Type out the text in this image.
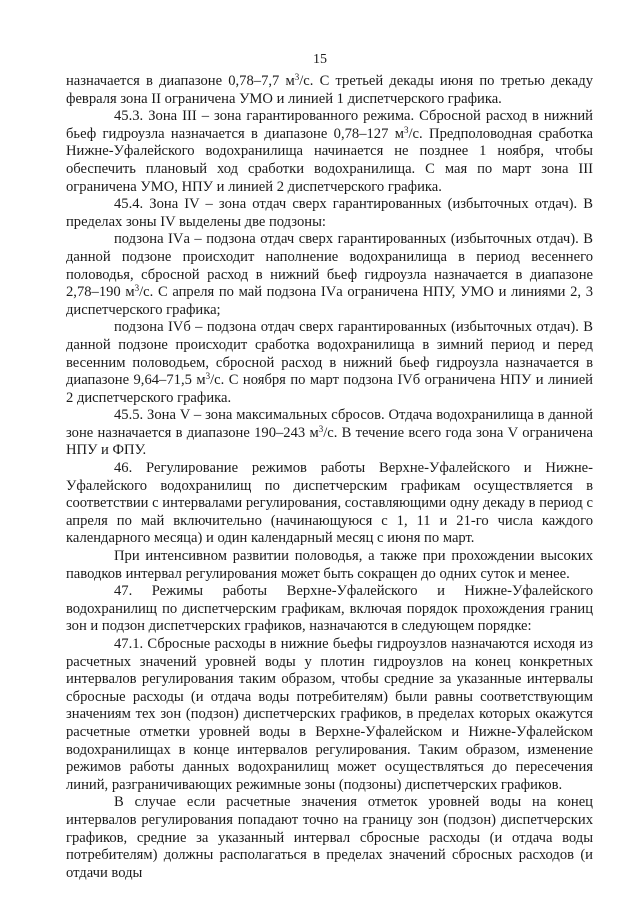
15

назначается в диапазоне 0,78–7,7 $м^3/с$. С третьей декады июня по третью декаду февраля зона II ограничена УМО и линией 1 диспетчерского графика.

45.3. Зона III – зона гарантированного режима. Сбросной расход в нижний бьеф гидроузла назначается в диапазоне 0,78–127 $м^3/с$. Предполоводная сработка Нижне-Уфалейского водохранилища начинается не позднее 1 ноября, чтобы обеспечить плановый ход сработки водохранилища. С мая по март зона III ограничена УМО, НПУ и линией 2 диспетчерского графика.

45.4. Зона IV – зона отдач сверх гарантированных (избыточных отдач). В пределах зоны IV выделены две подзоны:

подзона IVа – подзона отдач сверх гарантированных (избыточных отдач). В данной подзоне происходит наполнение водохранилища в период весеннего половодья, сбросной расход в нижний бьеф гидроузла назначается в диапазоне 2,78–190 $м^3/с$. С апреля по май подзона IVа ограничена НПУ, УМО и линиями 2, 3 диспетчерского графика;

подзона IVб – подзона отдач сверх гарантированных (избыточных отдач). В данной подзоне происходит сработка водохранилища в зимний период и перед весенним половодьем, сбросной расход в нижний бьеф гидроузла назначается в диапазоне 9,64–71,5 $м^3/с$. С ноября по март подзона IVб ограничена НПУ и линией 2 диспетчерского графика.

45.5. Зона V – зона максимальных сбросов. Отдача водохранилища в данной зоне назначается в диапазоне 190–243 $м^3/с$. В течение всего года зона V ограничена НПУ и ФПУ.

46. Регулирование режимов работы Верхне-Уфалейского и Нижне-Уфалейского водохранилищ по диспетчерским графикам осуществляется в соответствии с интервалами регулирования, составляющими одну декаду в период с апреля по май включительно (начинающуюся с 1, 11 и 21-го числа каждого календарного месяца) и один календарный месяц с июня по март.

При интенсивном развитии половодья, а также при прохождении высоких паводков интервал регулирования может быть сокращен до одних суток и менее.

47. Режимы работы Верхне-Уфалейского и Нижне-Уфалейского водохранилищ по диспетчерским графикам, включая порядок прохождения границ зон и подзон диспетчерских графиков, назначаются в следующем порядке:

47.1. Сбросные расходы в нижние бьефы гидроузлов назначаются исходя из расчетных значений уровней воды у плотин гидроузлов на конец конкретных интервалов регулирования таким образом, чтобы средние за указанные интервалы сбросные расходы (и отдача воды потребителям) были равны соответствующим значениям тех зон (подзон) диспетчерских графиков, в пределах которых окажутся расчетные отметки уровней воды в Верхне-Уфалейском и Нижне-Уфалейском водохранилищах в конце интервалов регулирования. Таким образом, изменение режимов работы данных водохранилищ может осуществляться до пересечения линий, разграничивающих режимные зоны (подзоны) диспетчерских графиков.

В случае если расчетные значения отметок уровней воды на конец интервалов регулирования попадают точно на границу зон (подзон) диспетчерских графиков, средние за указанный интервал сбросные расходы (и отдача воды потребителям) должны располагаться в пределах значений сбросных расходов (и отдачи воды
